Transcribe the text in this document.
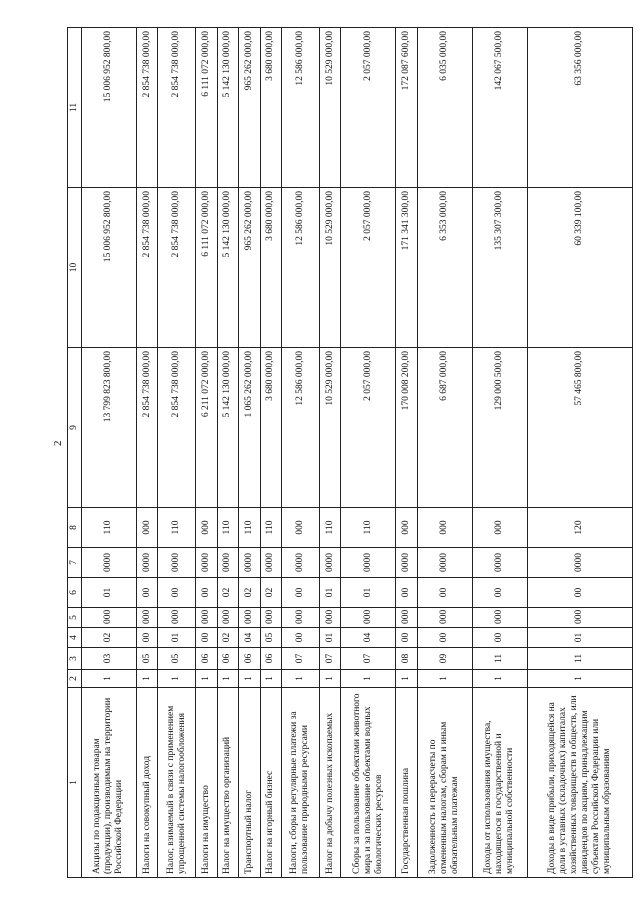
2
1	2	3	4	5	6	7	8	9	10	11
Акцизы по подакцизным товарам (продукции), производимым на территории Российской Федерации	1	03	02	000	01	0000	110	13 799 823 800,00	15 006 952 800,00	15 006 952 800,00
Налоги на совокупный доход	1	05	00	000	00	0000	000	2 854 738 000,00	2 854 738 000,00	2 854 738 000,00
Налог, взимаемый в связи с применением упрощенной системы налогообложения	1	05	01	000	00	0000	110	2 854 738 000,00	2 854 738 000,00	2 854 738 000,00
Налоги на имущество	1	06	00	000	00	0000	000	6 211 072 000,00	6 111 072 000,00	6 111 072 000,00
Налог на имущество организаций	1	06	02	000	02	0000	110	5 142 130 000,00	5 142 130 000,00	5 142 130 000,00
Транспортный налог	1	06	04	000	02	0000	110	1 065 262 000,00	965 262 000,00	965 262 000,00
Налог на игорный бизнес	1	06	05	000	02	0000	110	3 680 000,00	3 680 000,00	3 680 000,00
Налоги, сборы и регулярные платежи за пользование природными ресурсами	1	07	00	000	00	0000	000	12 586 000,00	12 586 000,00	12 586 000,00
Налог на добычу полезных ископаемых	1	07	01	000	01	0000	110	10 529 000,00	10 529 000,00	10 529 000,00
Сборы за пользование объектами животного мира и за пользование объектами водных биологических ресурсов	1	07	04	000	01	0000	110	2 057 000,00	2 057 000,00	2 057 000,00
Государственная пошлина	1	08	00	000	00	0000	000	170 008 200,00	171 341 300,00	172 087 600,00
Задолженность и перерасчеты по отмененным налогам, сборам и иным обязательным платежам	1	09	00	000	00	0000	000	6 687 000,00	6 353 000,00	6 035 000,00
Доходы от использования имущества, находящегося в государственной и муниципальной собственности	1	11	00	000	00	0000	000	129 000 500,00	135 307 300,00	142 067 500,00
Доходы в виде прибыли, приходящейся на доли в уставных (складочных) капиталах хозяйственных товариществ и обществ, или дивидендов по акциям, принадлежащим субъектам Российской Федерации или муниципальным образованиям	1	11	01	000	00	0000	120	57 465 800,00	60 339 100,00	63 356 000,00
